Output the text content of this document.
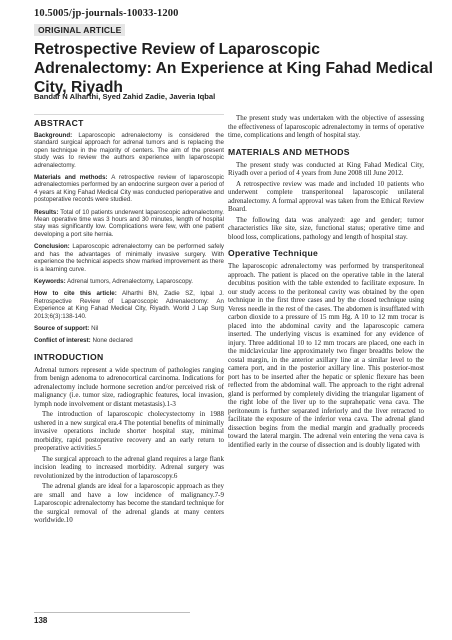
10.5005/jp-journals-10033-1200
ORIGINAL ARTICLE
Retrospective Review of Laparoscopic Adrenalectomy: An Experience at King Fahad Medical City, Riyadh
Bandar N Alharthi, Syed Zahid Zadie, Javeria Iqbal
ABSTRACT

Background: Laparoscopic adrenalectomy is considered the standard surgical approach for adrenal tumors and is replacing the open technique in the majority of centers. The aim of the present study was to review the authors experience with laparoscopic adrenalectomy.

Materials and methods: A retrospective review of laparoscopic adrenalectomies performed by an endocrine surgeon over a period of 4 years at King Fahad Medical City was conducted perioperative and postoperative records were studied.

Results: Total of 10 patients underwent laparoscopic adrenalectomy. Mean operative time was 3 hours and 30 minutes, length of hospital stay was significantly low. Complications were few, with one patient developing a port site hernia.

Conclusion: Laparoscopic adrenalectomy can be performed safely and has the advantages of minimally invasive surgery. With experience the technical aspects show marked improvement as there is a learning curve.

Keywords: Adrenal tumors, Adrenalectomy, Laparoscopy.

How to cite this article: Alharthi BN, Zadie SZ, Iqbal J. Retrospective Review of Laparoscopic Adrenalectomy: An Experience at King Fahad Medical City, Riyadh. World J Lap Surg 2013;6(3):138-140.

Source of support: Nil

Conflict of interest: None declared

INTRODUCTION

Adrenal tumors represent a wide spectrum of pathologies ranging from benign adenoma to adrenocortical carcinoma. Indications for adrenalectomy include hormone secretion and/or perceived risk of malignancy (i.e. tumor size, radiographic features, local invasion, lymph node involvement or distant metastasis).1-3

The introduction of laparoscopic cholecystectomy in 1988 ushered in a new surgical era.4 The potential benefits of minimally invasive operations include shorter hospital stay, minimal morbidity, rapid postoperative recovery and an early return to preoperative activities.5

The surgical approach to the adrenal gland requires a large flank incision leading to increased morbidity. Adrenal surgery was revolutionized by the introduction of laparoscopy.6

The adrenal glands are ideal for a laparoscopic approach as they are small and have a low incidence of malignancy.7-9 Laparoscopic adrenalectomy has become the standard technique for the surgical removal of the adrenal glands at many centers worldwide.10

The present study was undertaken with the objective of assessing the effectiveness of laparoscopic adrenalectomy in terms of operative time, complications and length of hospital stay.

MATERIALS AND METHODS

The present study was conducted at King Fahad Medical City, Riyadh over a period of 4 years from June 2008 till June 2012.

A retrospective review was made and included 10 patients who underwent complete transperitoneal laparoscopic unilateral adrenalectomy. A formal approval was taken from the Ethical Review Board.

The following data was analyzed: age and gender; tumor characteristics like site, size, functional status; operative time and blood loss, complications, pathology and length of hospital stay.

Operative Technique

The laparoscopic adrenalectomy was performed by transperitoneal approach. The patient is placed on the operative table in the lateral decubitus position with the table extended to facilitate exposure. In our study access to the peritoneal cavity was obtained by the open technique in the first three cases and by the closed technique using Veress needle in the rest of the cases. The abdomen is insufflated with carbon dioxide to a pressure of 15 mm Hg. A 10 to 12 mm trocar is placed into the abdominal cavity and the laparoscopic camera inserted. The underlying viscus is examined for any evidence of injury. Three additional 10 to 12 mm trocars are placed, one each in the midclavicular line approximately two finger breadths below the costal margin, in the anterior axillary line at a similar level to the camera port, and in the posterior axillary line. This posterior-most port has to be inserted after the hepatic or splenic flexure has been reflected from the abdominal wall. The approach to the right adrenal gland is performed by completely dividing the triangular ligament of the right lobe of the liver up to the suprahepatic vena cava. The peritoneum is further separated inferiorly and the liver retracted to facilitate the exposure of the inferior vena cava. The adrenal gland dissection begins from the medial margin and gradually proceeds toward the lateral margin. The adrenal vein entering the vena cava is identified early in the course of dissection and is doubly ligated with

138
